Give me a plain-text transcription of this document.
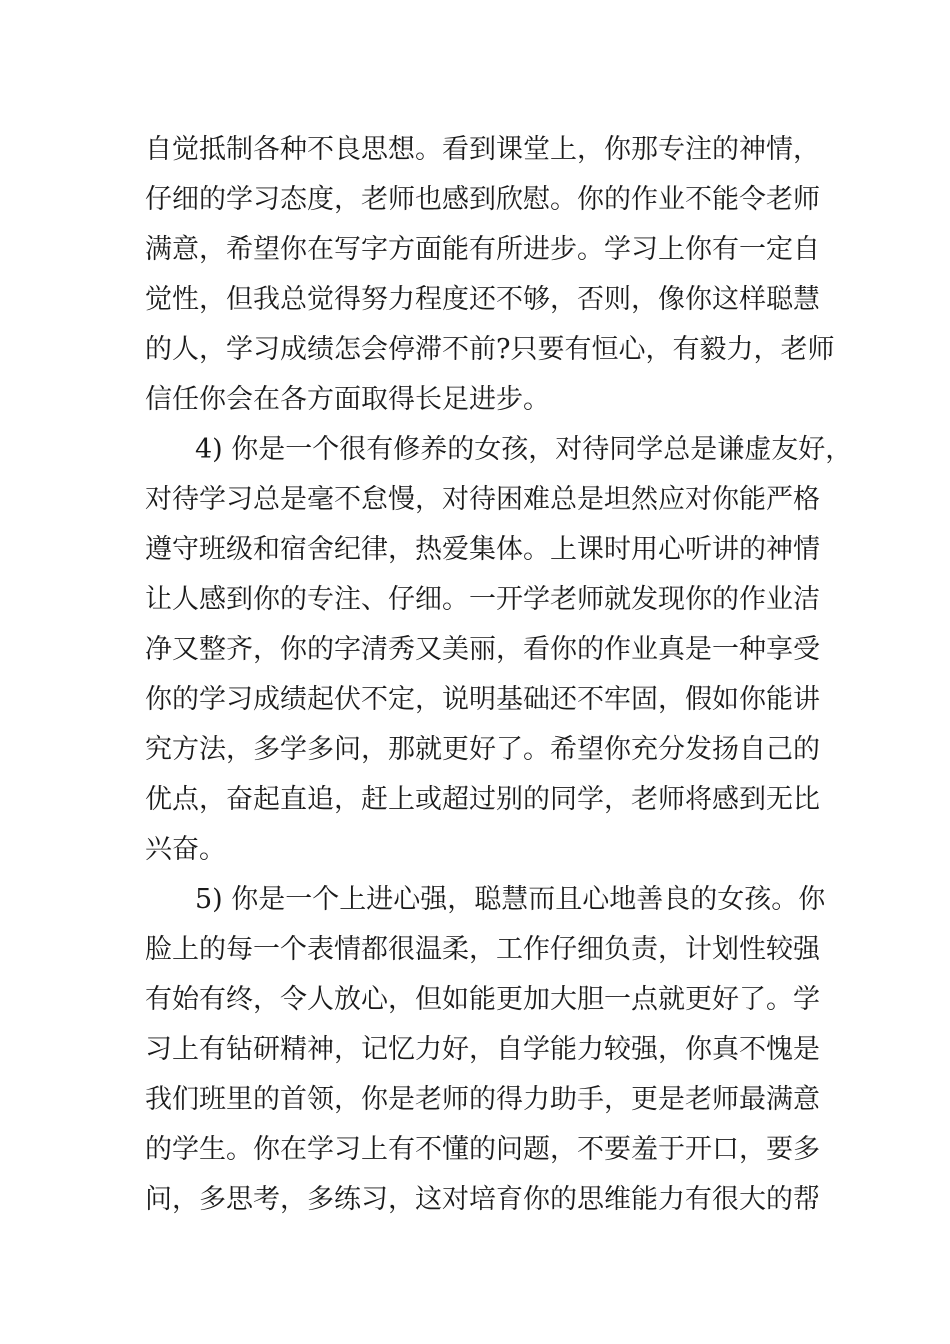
自觉抵制各种不良思想。看到课堂上，你那专注的神情，
仔细的学习态度，老师也感到欣慰。你的作业不能令老师
满意，希望你在写字方面能有所进步。学习上你有一定自
觉性，但我总觉得努力程度还不够，否则，像你这样聪慧
的人，学习成绩怎会停滞不前?只要有恒心，有毅力，老师
信任你会在各方面取得长足进步。
4) 你是一个很有修养的女孩，对待同学总是谦虚友好，
对待学习总是毫不怠慢，对待困难总是坦然应对你能严格
遵守班级和宿舍纪律，热爱集体。上课时用心听讲的神情
让人感到你的专注、仔细。一开学老师就发现你的作业洁
净又整齐，你的字清秀又美丽，看你的作业真是一种享受
你的学习成绩起伏不定，说明基础还不牢固，假如你能讲
究方法，多学多问，那就更好了。希望你充分发扬自己的
优点，奋起直追，赶上或超过别的同学，老师将感到无比
兴奋。
5) 你是一个上进心强，聪慧而且心地善良的女孩。你
脸上的每一个表情都很温柔，工作仔细负责，计划性较强
有始有终，令人放心，但如能更加大胆一点就更好了。学
习上有钻研精神，记忆力好，自学能力较强，你真不愧是
我们班里的首领，你是老师的得力助手，更是老师最满意
的学生。你在学习上有不懂的问题，不要羞于开口，要多
问，多思考，多练习，这对培育你的思维能力有很大的帮
